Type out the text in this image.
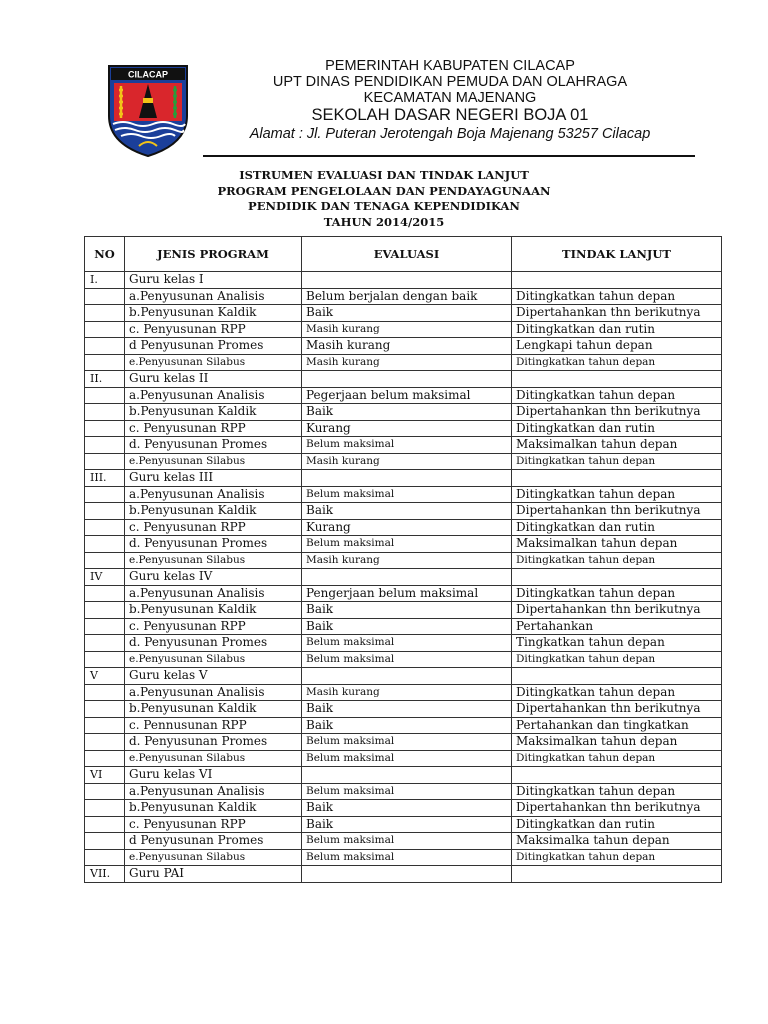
CILACAP
PEMERINTAH KABUPATEN CILACAP
UPT DINAS PENDIDIKAN PEMUDA DAN OLAHRAGA
KECAMATAN MAJENANG
SEKOLAH DASAR NEGERI BOJA 01
Alamat : Jl. Puteran Jerotengah Boja Majenang 53257 Cilacap
ISTRUMEN EVALUASI DAN TINDAK LANJUT
PROGRAM PENGELOLAAN DAN PENDAYAGUNAAN
PENDIDIK DAN TENAGA KEPENDIDIKAN
TAHUN 2014/2015
NO	JENIS PROGRAM	EVALUASI	TINDAK LANJUT
I.	Guru kelas I		
	a.Penyusunan Analisis	Belum berjalan dengan baik	Ditingkatkan tahun depan
	b.Penyusunan Kaldik	Baik	Dipertahankan thn berikutnya
	c. Penyusunan RPP	Masih kurang	Ditingkatkan dan rutin
	d Penyusunan Promes	Masih kurang	Lengkapi tahun depan
	e.Penyusunan Silabus	Masih kurang	Ditingkatkan tahun depan
II.	Guru kelas II		
	a.Penyusunan Analisis	Pegerjaan belum maksimal	Ditingkatkan tahun depan
	b.Penyusunan Kaldik	Baik	Dipertahankan thn berikutnya
	c. Penyusunan RPP	Kurang	Ditingkatkan dan rutin
	d. Penyusunan Promes	Belum maksimal	Maksimalkan tahun depan
	e.Penyusunan Silabus	Masih kurang	Ditingkatkan tahun depan
III.	Guru kelas III		
	a.Penyusunan Analisis	Belum maksimal	Ditingkatkan tahun depan
	b.Penyusunan Kaldik	Baik	Dipertahankan thn berikutnya
	c. Penyusunan RPP	Kurang	Ditingkatkan dan rutin
	d. Penyusunan Promes	Belum maksimal	Maksimalkan tahun depan
	e.Penyusunan Silabus	Masih kurang	Ditingkatkan tahun depan
IV	Guru kelas IV		
	a.Penyusunan Analisis	Pengerjaan belum maksimal	Ditingkatkan tahun depan
	b.Penyusunan Kaldik	Baik	Dipertahankan thn berikutnya
	c. Penyusunan RPP	Baik	Pertahankan
	d. Penyusunan Promes	Belum maksimal	Tingkatkan tahun depan
	e.Penyusunan Silabus	Belum maksimal	Ditingkatkan tahun depan
V	Guru kelas V		
	a.Penyusunan Analisis	Masih kurang	Ditingkatkan tahun depan
	b.Penyusunan Kaldik	Baik	Dipertahankan thn berikutnya
	c. Pennusunan RPP	Baik	Pertahankan dan tingkatkan
	d. Penyusunan Promes	Belum maksimal	Maksimalkan tahun depan
	e.Penyusunan Silabus	Belum maksimal	Ditingkatkan tahun depan
VI	Guru kelas VI		
	a.Penyusunan Analisis	Belum maksimal	Ditingkatkan tahun depan
	b.Penyusunan Kaldik	Baik	Dipertahankan thn berikutnya
	c. Penyusunan RPP	Baik	Ditingkatkan dan rutin
	d Penyusunan Promes	Belum maksimal	Maksimalka tahun depan
	e.Penyusunan Silabus	Belum maksimal	Ditingkatkan tahun depan
VII.	Guru PAI		
